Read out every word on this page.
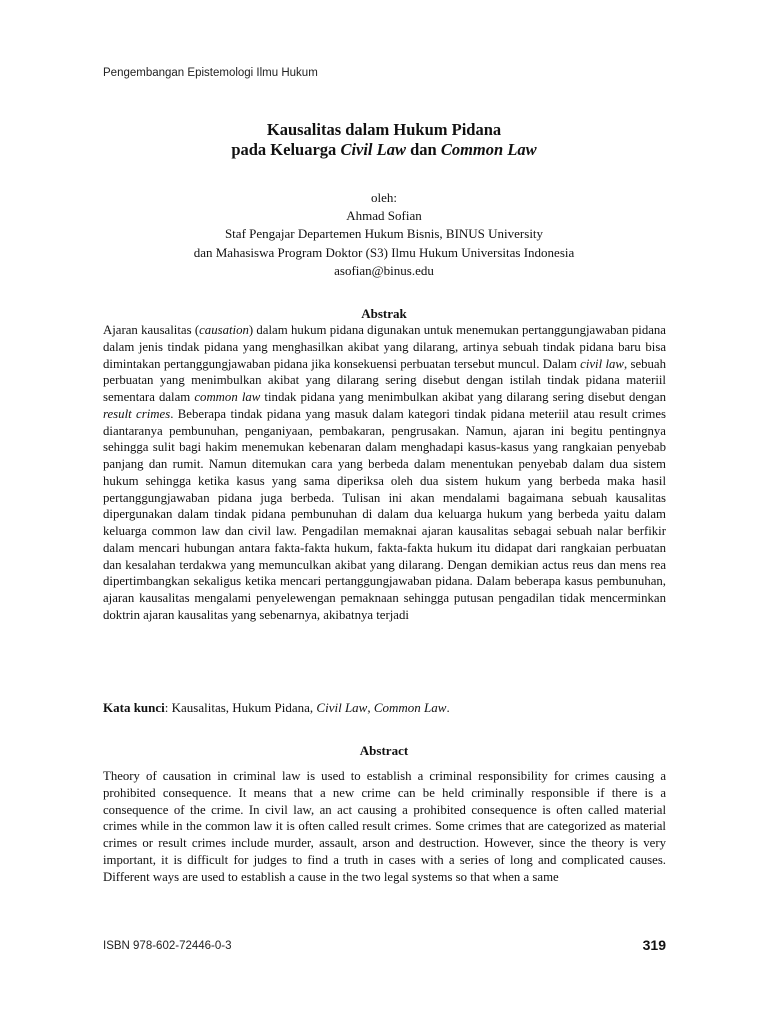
Pengembangan Epistemologi Ilmu Hukum
Kausalitas dalam Hukum Pidana
pada Keluarga Civil Law dan Common Law
oleh:
Ahmad Sofian
Staf Pengajar Departemen Hukum Bisnis, BINUS University
dan Mahasiswa Program Doktor (S3) Ilmu Hukum Universitas Indonesia
asofian@binus.edu
Abstrak
Ajaran kausalitas (causation) dalam hukum pidana digunakan untuk menemukan pertanggungjawaban pidana dalam jenis tindak pidana yang menghasilkan akibat yang dilarang, artinya sebuah tindak pidana baru bisa dimintakan pertanggungjawaban pidana jika konsekuensi perbuatan tersebut muncul. Dalam civil law, sebuah perbuatan yang menimbulkan akibat yang dilarang sering disebut dengan istilah tindak pidana materiil sementara dalam common law tindak pidana yang menimbulkan akibat yang dilarang sering disebut dengan result crimes. Beberapa tindak pidana yang masuk dalam kategori tindak pidana meteriil atau result crimes diantaranya pembunuhan, penganiyaan, pembakaran, pengrusakan. Namun, ajaran ini begitu pentingnya sehingga sulit bagi hakim menemukan kebenaran dalam menghadapi kasus-kasus yang rangkaian penyebab panjang dan rumit. Namun ditemukan cara yang berbeda dalam menentukan penyebab dalam dua sistem hukum sehingga ketika kasus yang sama diperiksa oleh dua sistem hukum yang berbeda maka hasil pertanggungjawaban pidana juga berbeda. Tulisan ini akan mendalami bagaimana sebuah kausalitas dipergunakan dalam tindak pidana pembunuhan di dalam dua keluarga hukum yang berbeda yaitu dalam keluarga common law dan civil law. Pengadilan memaknai ajaran kausalitas sebagai sebuah nalar berfikir dalam mencari hubungan antara fakta-fakta hukum, fakta-fakta hukum itu didapat dari rangkaian perbuatan dan kesalahan terdakwa yang memunculkan akibat yang dilarang. Dengan demikian actus reus dan mens rea dipertimbangkan sekaligus ketika mencari pertanggungjawaban pidana. Dalam beberapa kasus pembunuhan, ajaran kausalitas mengalami penyelewengan pemaknaan sehingga putusan pengadilan tidak mencerminkan doktrin ajaran kausalitas yang sebenarnya, akibatnya terjadi
Kata kunci: Kausalitas, Hukum Pidana, Civil Law, Common Law.
Abstract
Theory of causation in criminal law is used to establish a criminal responsibility for crimes causing a prohibited consequence. It means that a new crime can be held criminally responsible if there is a consequence of the crime. In civil law, an act causing a prohibited consequence is often called material crimes while in the common law it is often called result crimes. Some crimes that are categorized as material crimes or result crimes include murder, assault, arson and destruction. However, since the theory is very important, it is difficult for judges to find a truth in cases with a series of long and complicated causes. Different ways are used to establish a cause in the two legal systems so that when a same
ISBN 978-602-72446-0-3	319
